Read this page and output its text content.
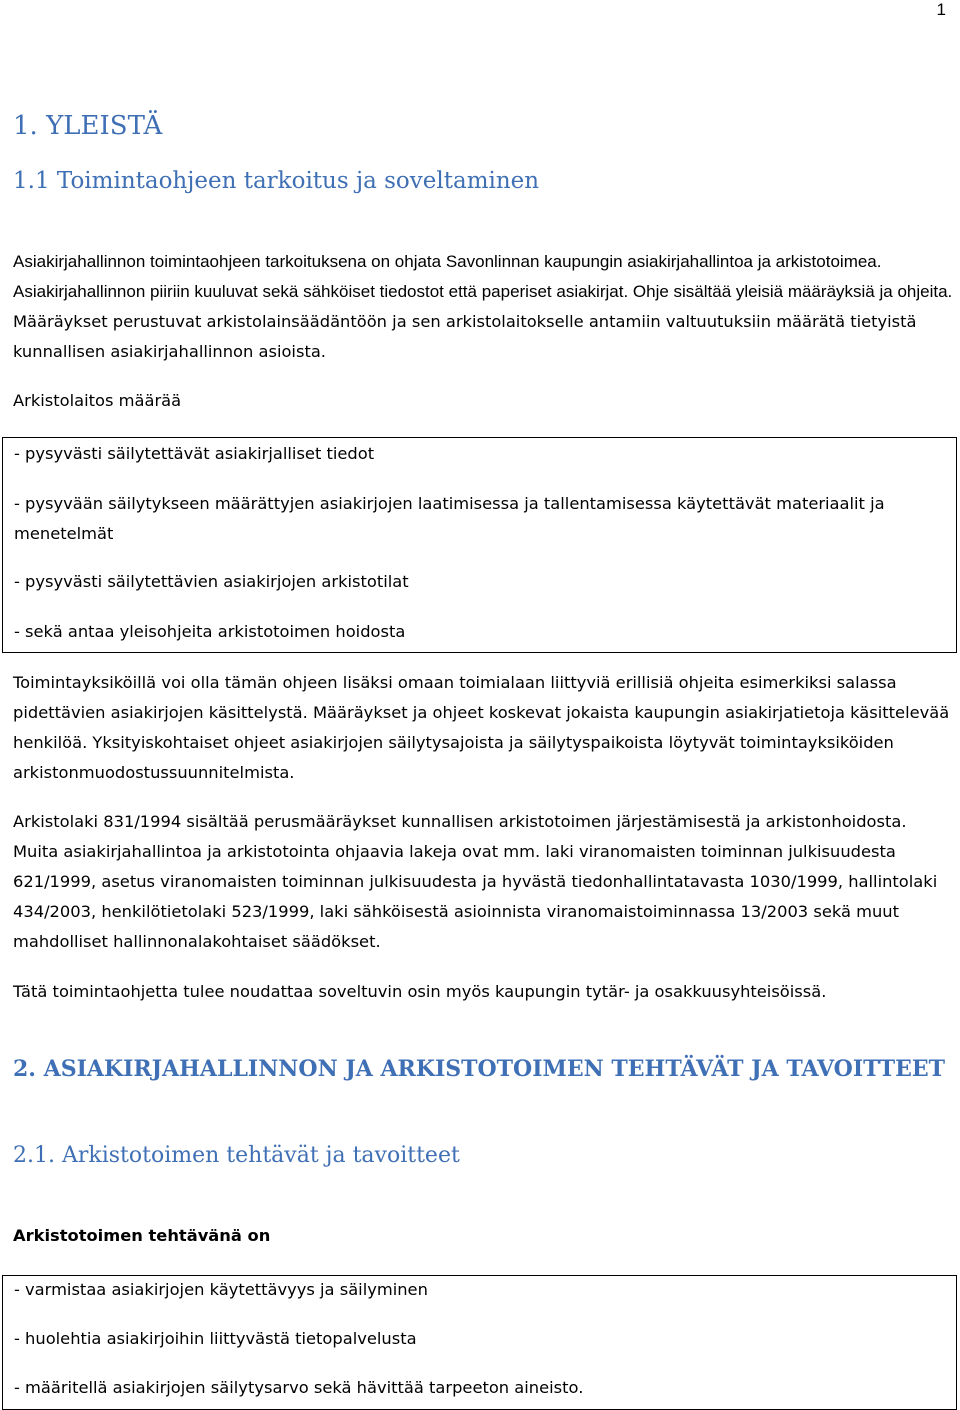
1
1. YLEISTÄ
1.1 Toimintaohjeen tarkoitus ja soveltaminen
Asiakirjahallinnon toimintaohjeen tarkoituksena on ohjata Savonlinnan kaupungin asiakirjahallintoa ja arkistotoimea. Asiakirjahallinnon piiriin kuuluvat sekä sähköiset tiedostot että paperiset asiakirjat. Ohje sisältää yleisiä määräyksiä ja ohjeita. Määräykset perustuvat arkistolainsäädäntöön ja sen arkistolaitokselle antamiin valtuutuksiin määrätä tietyistä kunnallisen asiakirjahallinnon asioista.
Arkistolaitos määrää
- pysyvästi säilytettävät asiakirjalliset tiedot
- pysyvään säilytykseen määrättyjen asiakirjojen laatimisessa ja tallentamisessa käytettävät materiaalit ja menetelmät
- pysyvästi säilytettävien asiakirjojen arkistotilat
- sekä antaa yleisohjeita arkistotoimen hoidosta
Toimintayksiköillä voi olla tämän ohjeen lisäksi omaan toimialaan liittyviä erillisiä ohjeita esimerkiksi salassa pidettävien asiakirjojen käsittelystä. Määräykset ja ohjeet koskevat jokaista kaupungin asiakirjatietoja käsittelevää henkilöä. Yksityiskohtaiset ohjeet asiakirjojen säilytysajoista ja säilytyspaikoista löytyvät toimintayksiköiden arkistonmuodostussuunnitelmista.
Arkistolaki 831/1994 sisältää perusmääräykset kunnallisen arkistotoimen järjestämisestä ja arkistonhoidosta. Muita asiakirjahallintoa ja arkistotointa ohjaavia lakeja ovat mm. laki viranomaisten toiminnan julkisuudesta 621/1999, asetus viranomaisten toiminnan julkisuudesta ja hyvästä tiedonhallintatavasta 1030/1999, hallintolaki 434/2003, henkilötietolaki 523/1999, laki sähköisestä asioinnista viranomaistoiminnassa 13/2003 sekä muut mahdolliset hallinnonalakohtaiset säädökset.
Tätä toimintaohjetta tulee noudattaa soveltuvin osin myös kaupungin tytär- ja osakkuusyhteisöissä.
2. ASIAKIRJAHALLINNON JA ARKISTOTOIMEN TEHTÄVÄT JA TAVOITTEET
2.1. Arkistotoimen tehtävät ja tavoitteet
Arkistotoimen tehtävänä on
- varmistaa asiakirjojen käytettävyys ja säilyminen
- huolehtia asiakirjoihin liittyvästä tietopalvelusta
- määritellä asiakirjojen säilytysarvo sekä hävittää tarpeeton aineisto.
